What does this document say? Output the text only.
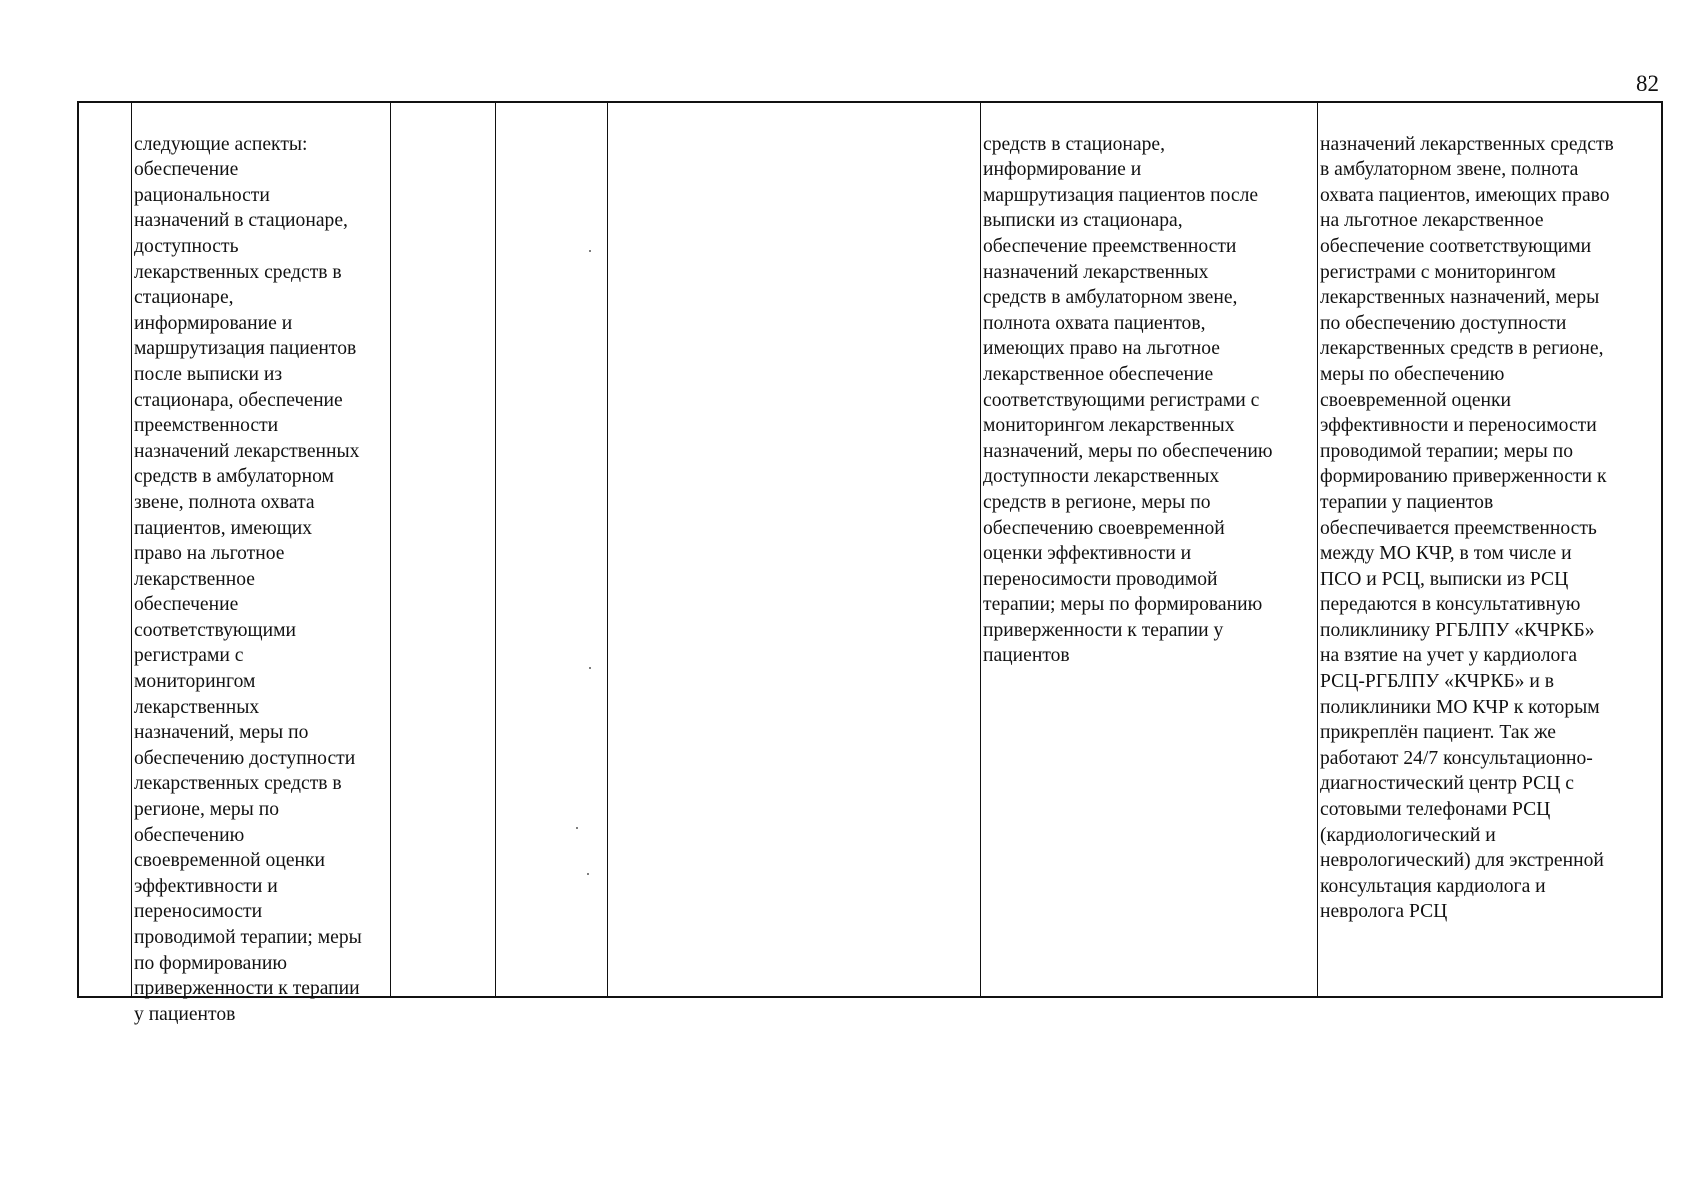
82

следующие аспекты:
обеспечение
рациональности
назначений в стационаре,
доступность
лекарственных средств в
стационаре,
информирование и
маршрутизация пациентов
после выписки из
стационара, обеспечение
преемственности
назначений лекарственных
средств в амбулаторном
звене, полнота охвата
пациентов, имеющих
право на льготное
лекарственное
обеспечение
соответствующими
регистрами с
мониторингом
лекарственных
назначений, меры по
обеспечению доступности
лекарственных средств в
регионе, меры по
обеспечению
своевременной оценки
эффективности и
переносимости
проводимой терапии; меры
по формированию
приверженности к терапии
у пациентов

средств в стационаре,
информирование и
маршрутизация пациентов после
выписки из стационара,
обеспечение преемственности
назначений лекарственных
средств в амбулаторном звене,
полнота охвата пациентов,
имеющих право на льготное
лекарственное обеспечение
соответствующими регистрами с
мониторингом лекарственных
назначений, меры по обеспечению
доступности лекарственных
средств в регионе, меры по
обеспечению своевременной
оценки эффективности и
переносимости проводимой
терапии; меры по формированию
приверженности к терапии у
пациентов

назначений лекарственных средств
в амбулаторном звене, полнота
охвата пациентов, имеющих право
на льготное лекарственное
обеспечение соответствующими
регистрами с мониторингом
лекарственных назначений, меры
по обеспечению доступности
лекарственных средств в регионе,
меры по обеспечению
своевременной оценки
эффективности и переносимости
проводимой терапии; меры по
формированию приверженности к
терапии у пациентов
обеспечивается преемственность
между МО КЧР, в том числе и
ПСО и РСЦ, выписки из РСЦ
передаются в консультативную
поликлинику РГБЛПУ «КЧРКБ»
на взятие на учет у кардиолога
РСЦ-РГБЛПУ «КЧРКБ» и в
поликлиники МО КЧР к которым
прикреплён пациент. Так же
работают 24/7 консультационно-
диагностический центр РСЦ с
сотовыми телефонами РСЦ
(кардиологический и
неврологический) для экстренной
консультация кардиолога и
невролога РСЦ
